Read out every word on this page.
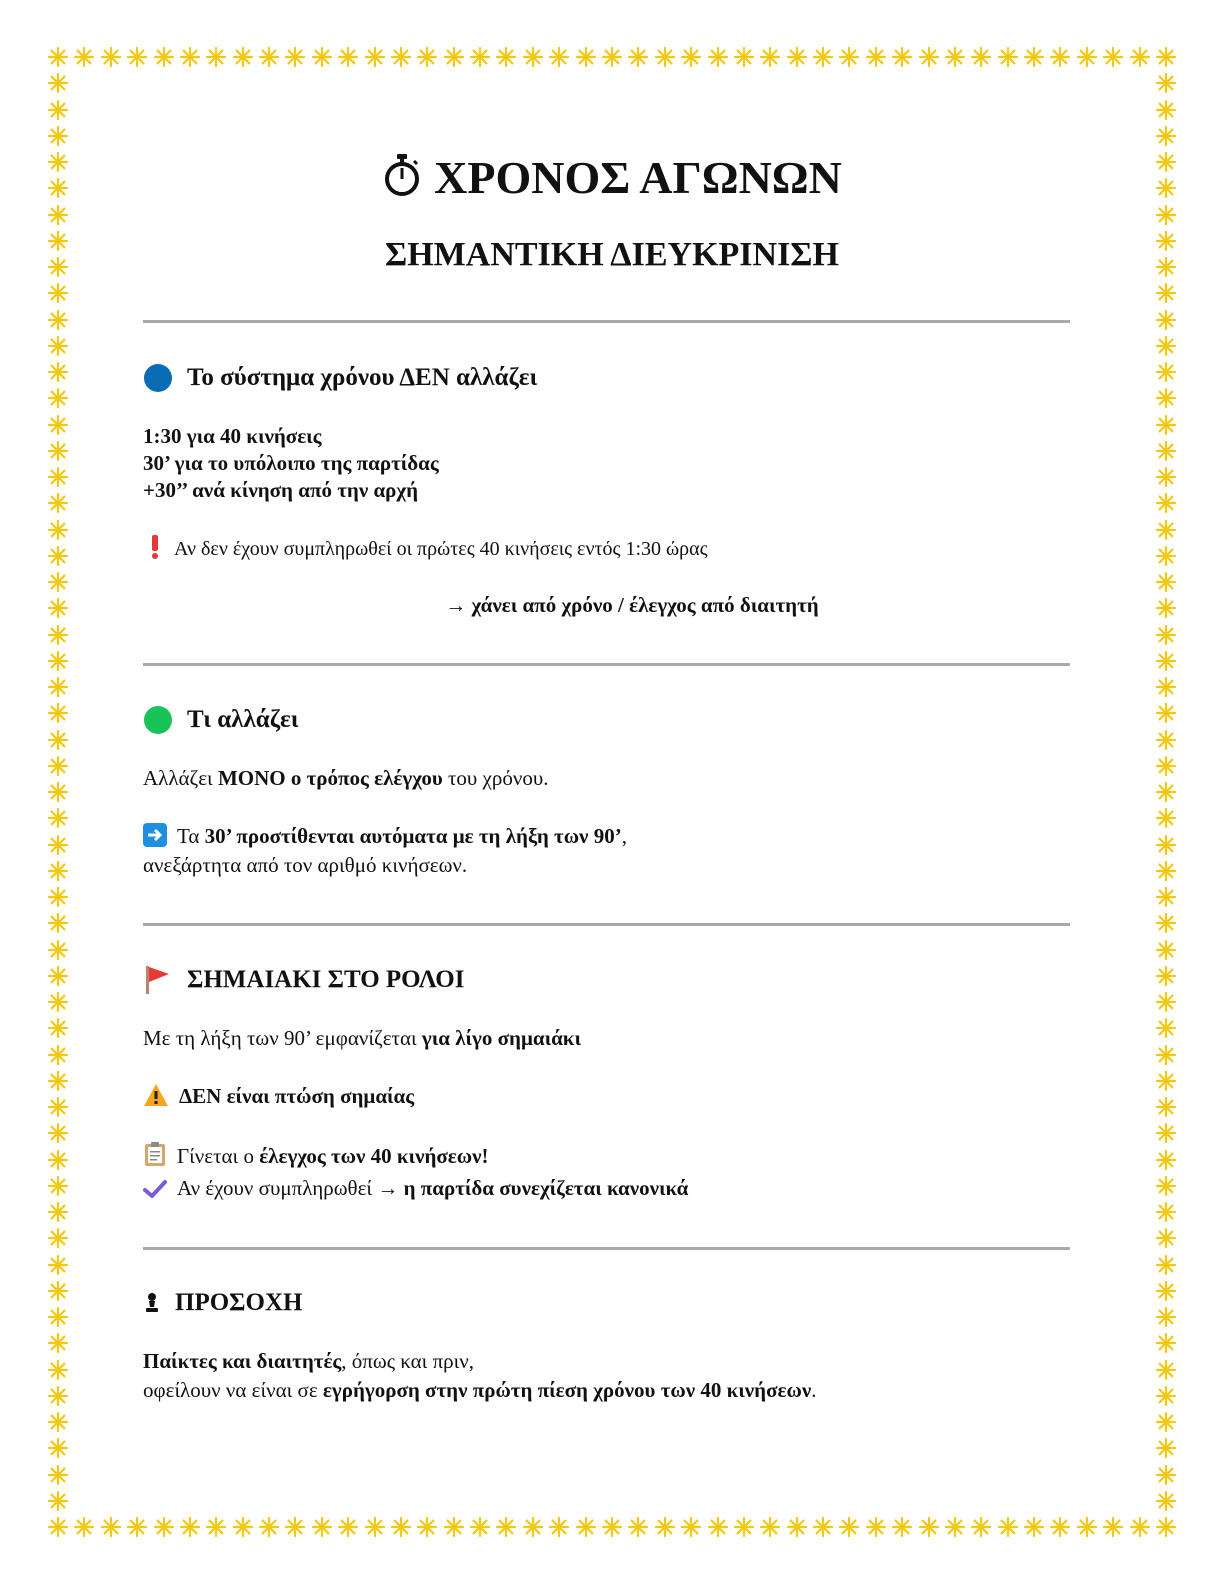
ΧΡΟΝΟΣ ΑΓΩΝΩΝ
ΣΗΜΑΝΤΙΚΗ ΔΙΕΥΚΡΙΝΙΣΗ
Το σύστημα χρόνου ΔΕΝ αλλάζει
1:30 για 40 κινήσεις
30’ για το υπόλοιπο της παρτίδας
+30’’ ανά κίνηση από την αρχή
Αν δεν έχουν συμπληρωθεί οι πρώτες 40 κινήσεις εντός 1:30 ώρας
→ χάνει από χρόνο / έλεγχος από διαιτητή
Τι αλλάζει
Αλλάζει ΜΟΝΟ ο τρόπος ελέγχου του χρόνου.
Τα 30’ προστίθενται αυτόματα με τη λήξη των 90’,
ανεξάρτητα από τον αριθμό κινήσεων.
ΣΗΜΑΙΑΚΙ ΣΤΟ ΡΟΛΟΙ
Με τη λήξη των 90’ εμφανίζεται για λίγο σημαιάκι
ΔΕΝ είναι πτώση σημαίας
Γίνεται ο έλεγχος των 40 κινήσεων!
Αν έχουν συμπληρωθεί → η παρτίδα συνεχίζεται κανονικά
ΠΡΟΣΟΧΗ
Παίκτες και διαιτητές, όπως και πριν,
οφείλουν να είναι σε εγρήγορση στην πρώτη πίεση χρόνου των 40 κινήσεων.
